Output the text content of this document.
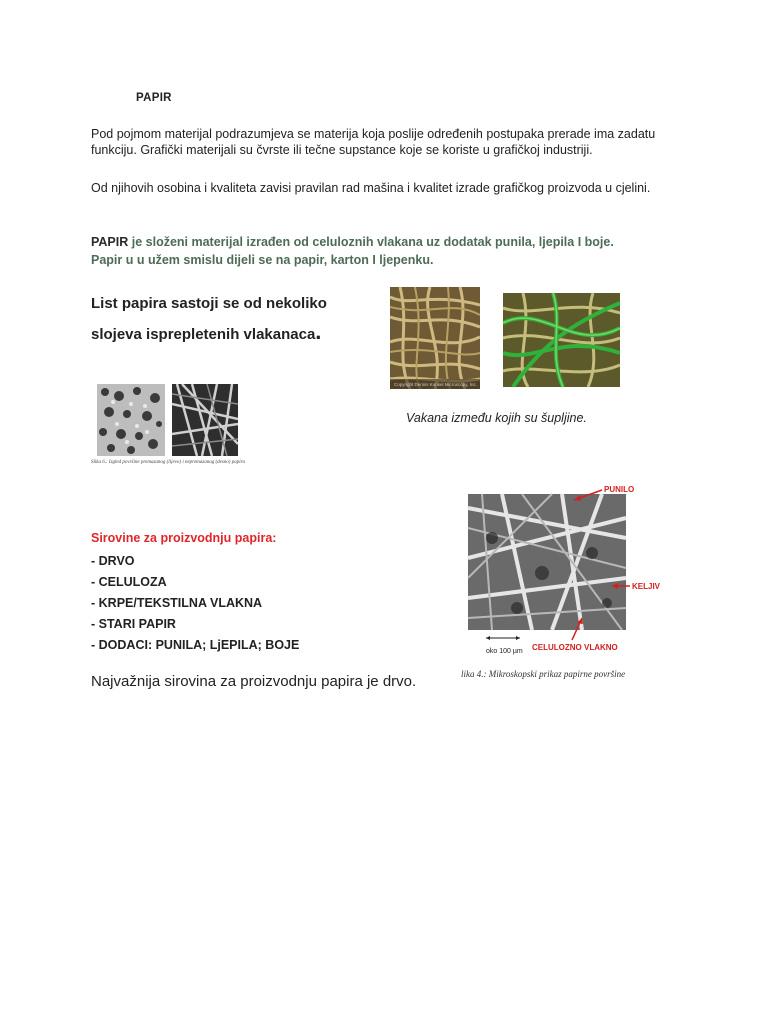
PAPIR
Pod pojmom materijal podrazumjeva se materija koja poslije određenih postupaka prerade ima zadatu
funkciju. Grafički materijali su čvrste ili tečne supstance koje se koriste u grafičkoj industriji.
Od njihovih osobina i kvaliteta zavisi pravilan rad mašina i kvalitet izrade grafičkog proizvoda u cjelini.
PAPIR je složeni materijal izrađen od celuloznih vlakana uz dodatak punila, ljepila I boje.
Papir u u užem smislu dijeli se na papir, karton I ljepenku.
List papira sastoji se od nekoliko
slojeva isprepletenih vlakanaca.
Copyright Dennis Kunkel Microscopy, Inc.
Vakana između kojih su šupljine.
Slika 6.: Izgled površine premazanog (lijevo) i nepremazanog (desno) papira
PUNILO
KELJIV
CELULOZNO VLAKNO
oko 100 µm
lika 4.: Mikroskopski prikaz papirne površine
Sirovine za proizvodnju papira:
- DRVO
- CELULOZA
- KRPE/TEKSTILNA VLAKNA
- STARI PAPIR
- DODACI: PUNILA; LjEPILA; BOJE
Najvažnija sirovina za proizvodnju papira je drvo.
